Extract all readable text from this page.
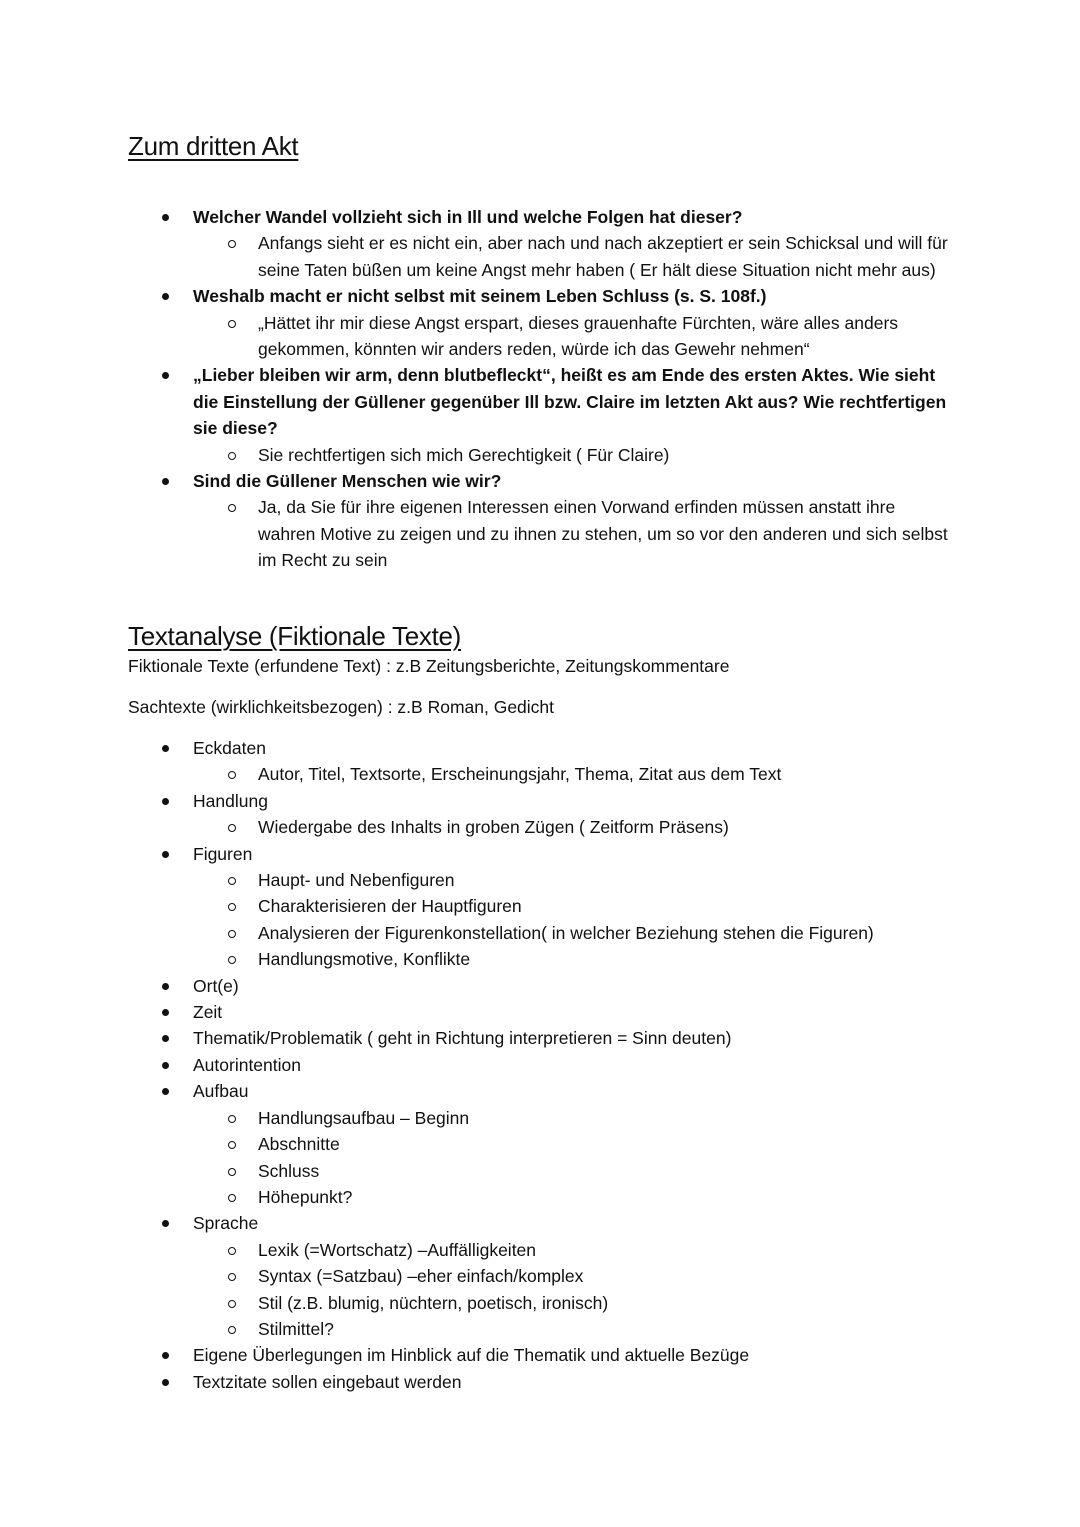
Zum dritten Akt
Welcher Wandel vollzieht sich in Ill und welche Folgen hat dieser?
Anfangs sieht er es nicht ein, aber nach und nach akzeptiert er sein Schicksal und will für seine Taten büßen um keine Angst mehr haben ( Er hält diese Situation nicht mehr aus)
Weshalb macht er nicht selbst mit seinem Leben Schluss (s. S. 108f.)
„Hättet ihr mir diese Angst erspart, dieses grauenhafte Fürchten, wäre alles anders gekommen, könnten wir anders reden, würde ich das Gewehr nehmen“
„Lieber bleiben wir arm, denn blutbefleckt“, heißt es am Ende des ersten Aktes. Wie sieht die Einstellung der Güllener gegenüber Ill bzw. Claire im letzten Akt aus? Wie rechtfertigen sie diese?
Sie rechtfertigen sich mich Gerechtigkeit ( Für Claire)
Sind die Güllener Menschen wie wir?
Ja, da Sie für ihre eigenen Interessen einen Vorwand erfinden müssen anstatt ihre wahren Motive zu zeigen und zu ihnen zu stehen, um so vor den anderen und sich selbst im Recht zu sein
Textanalyse (Fiktionale Texte)
Fiktionale Texte (erfundene Text) : z.B Zeitungsberichte, Zeitungskommentare
Sachtexte (wirklichkeitsbezogen) : z.B Roman, Gedicht
Eckdaten
Autor, Titel, Textsorte, Erscheinungsjahr, Thema, Zitat aus dem Text
Handlung
Wiedergabe des Inhalts in groben Zügen ( Zeitform Präsens)
Figuren
Haupt- und Nebenfiguren
Charakterisieren der Hauptfiguren
Analysieren der Figurenkonstellation( in welcher Beziehung stehen die Figuren)
Handlungsmotive, Konflikte
Ort(e)
Zeit
Thematik/Problematik ( geht in Richtung interpretieren = Sinn deuten)
Autorintention
Aufbau
Handlungsaufbau – Beginn
Abschnitte
Schluss
Höhepunkt?
Sprache
Lexik (=Wortschatz) –Auffälligkeiten
Syntax (=Satzbau) –eher einfach/komplex
Stil (z.B. blumig, nüchtern, poetisch, ironisch)
Stilmittel?
Eigene Überlegungen im Hinblick auf die Thematik und aktuelle Bezüge
Textzitate sollen eingebaut werden
